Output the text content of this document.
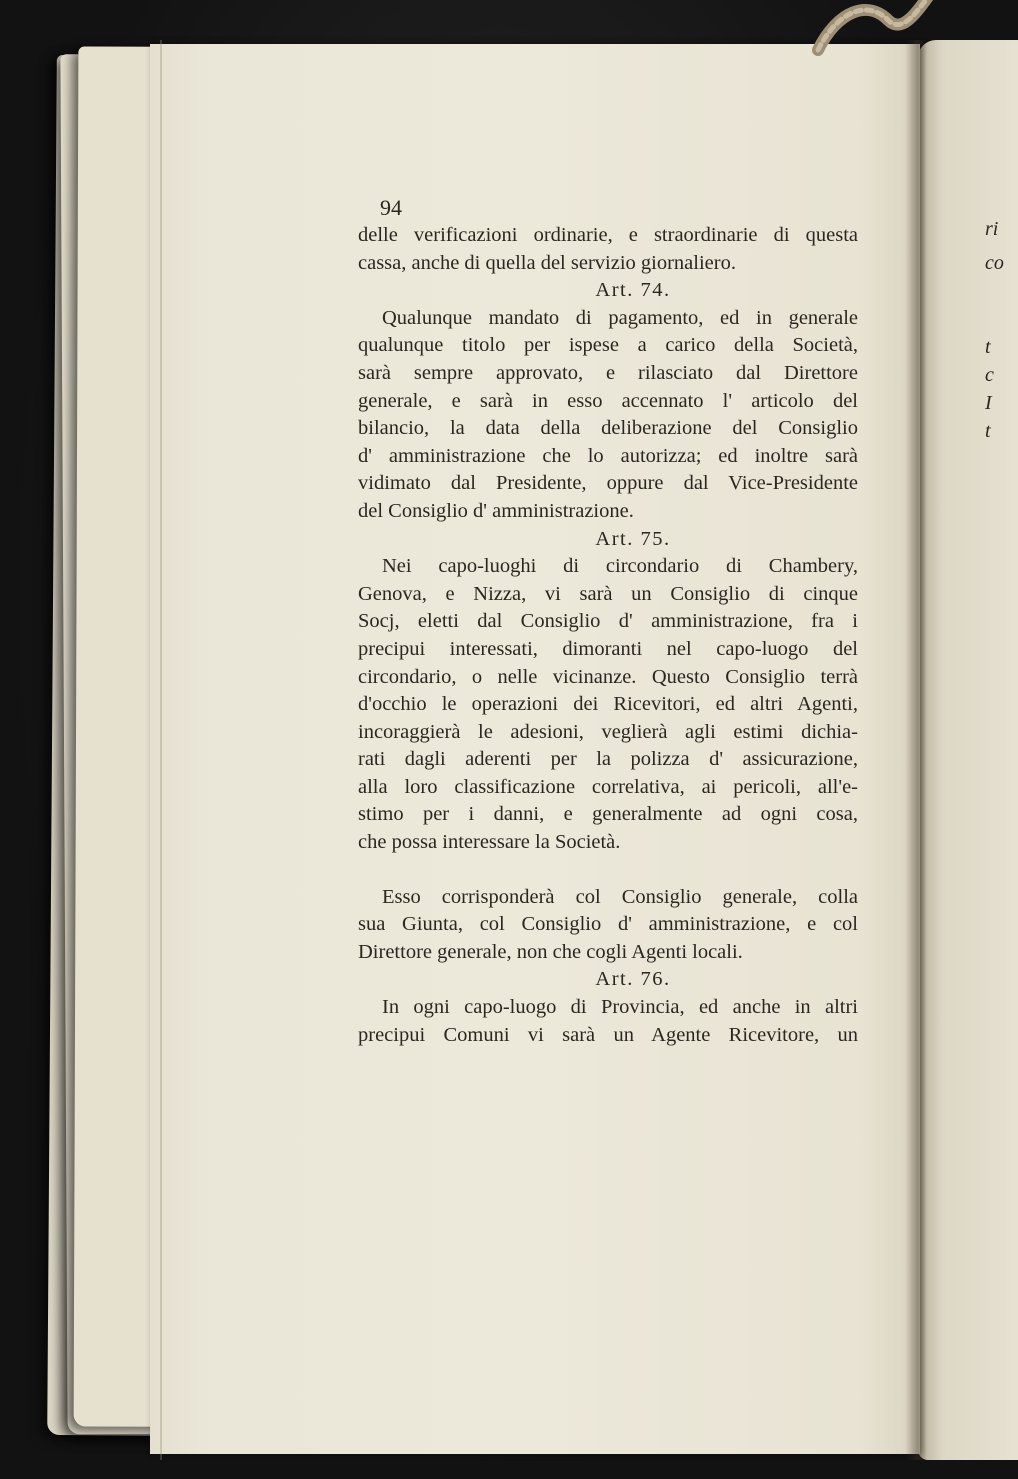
ri
co
t
c
I
t
94
delle verificazioni ordinarie, e straordinarie di questa
cassa, anche di quella del servizio giornaliero.
Art. 74.
Qualunque mandato di pagamento, ed in generale
qualunque titolo per ispese a carico della Società,
sarà sempre approvato, e rilasciato dal Direttore
generale, e sarà in esso accennato l' articolo del
bilancio, la data della deliberazione del Consiglio
d' amministrazione che lo autorizza; ed inoltre sarà
vidimato dal Presidente, oppure dal Vice-Presidente
del Consiglio d' amministrazione.
Art. 75.
Nei capo-luoghi di circondario di Chambery,
Genova, e Nizza, vi sarà un Consiglio di cinque
Socj, eletti dal Consiglio d' amministrazione, fra i
precipui interessati, dimoranti nel capo-luogo del
circondario, o nelle vicinanze. Questo Consiglio terrà
d'occhio le operazioni dei Ricevitori, ed altri Agenti,
incoraggierà le adesioni, veglierà agli estimi dichia-
rati dagli aderenti per la polizza d' assicurazione,
alla loro classificazione correlativa, ai pericoli, all'e-
stimo per i danni, e generalmente ad ogni cosa,
che possa interessare la Società.
Esso corrisponderà col Consiglio generale, colla
sua Giunta, col Consiglio d' amministrazione, e col
Direttore generale, non che cogli Agenti locali.
Art. 76.
In ogni capo-luogo di Provincia, ed anche in altri
precipui Comuni vi sarà un Agente Ricevitore, un
